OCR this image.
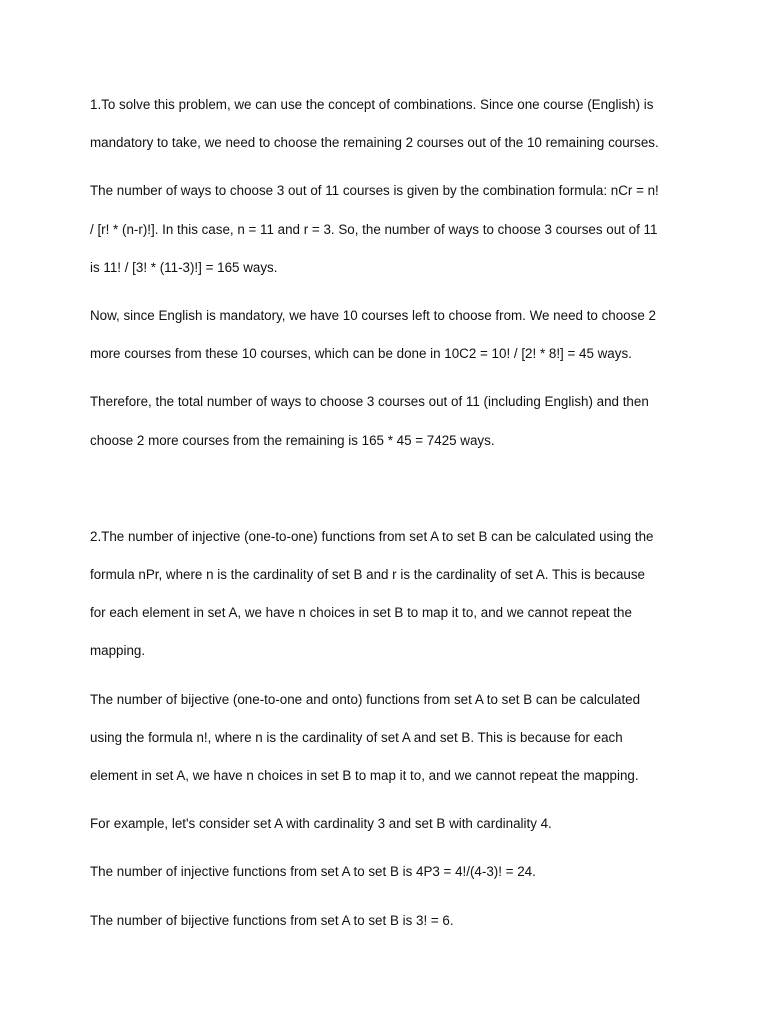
1.To solve this problem, we can use the concept of combinations. Since one course (English) is
mandatory to take, we need to choose the remaining 2 courses out of the 10 remaining courses.

The number of ways to choose 3 out of 11 courses is given by the combination formula: nCr = n!
/ [r! * (n-r)!]. In this case, n = 11 and r = 3. So, the number of ways to choose 3 courses out of 11
is 11! / [3! * (11-3)!] = 165 ways.

Now, since English is mandatory, we have 10 courses left to choose from. We need to choose 2
more courses from these 10 courses, which can be done in 10C2 = 10! / [2! * 8!] = 45 ways.

Therefore, the total number of ways to choose 3 courses out of 11 (including English) and then
choose 2 more courses from the remaining is 165 * 45 = 7425 ways.

2.The number of injective (one-to-one) functions from set A to set B can be calculated using the
formula nPr, where n is the cardinality of set B and r is the cardinality of set A. This is because
for each element in set A, we have n choices in set B to map it to, and we cannot repeat the
mapping.

The number of bijective (one-to-one and onto) functions from set A to set B can be calculated
using the formula n!, where n is the cardinality of set A and set B. This is because for each
element in set A, we have n choices in set B to map it to, and we cannot repeat the mapping.

For example, let's consider set A with cardinality 3 and set B with cardinality 4.

The number of injective functions from set A to set B is 4P3 = 4!/(4-3)! = 24.

The number of bijective functions from set A to set B is 3! = 6.
